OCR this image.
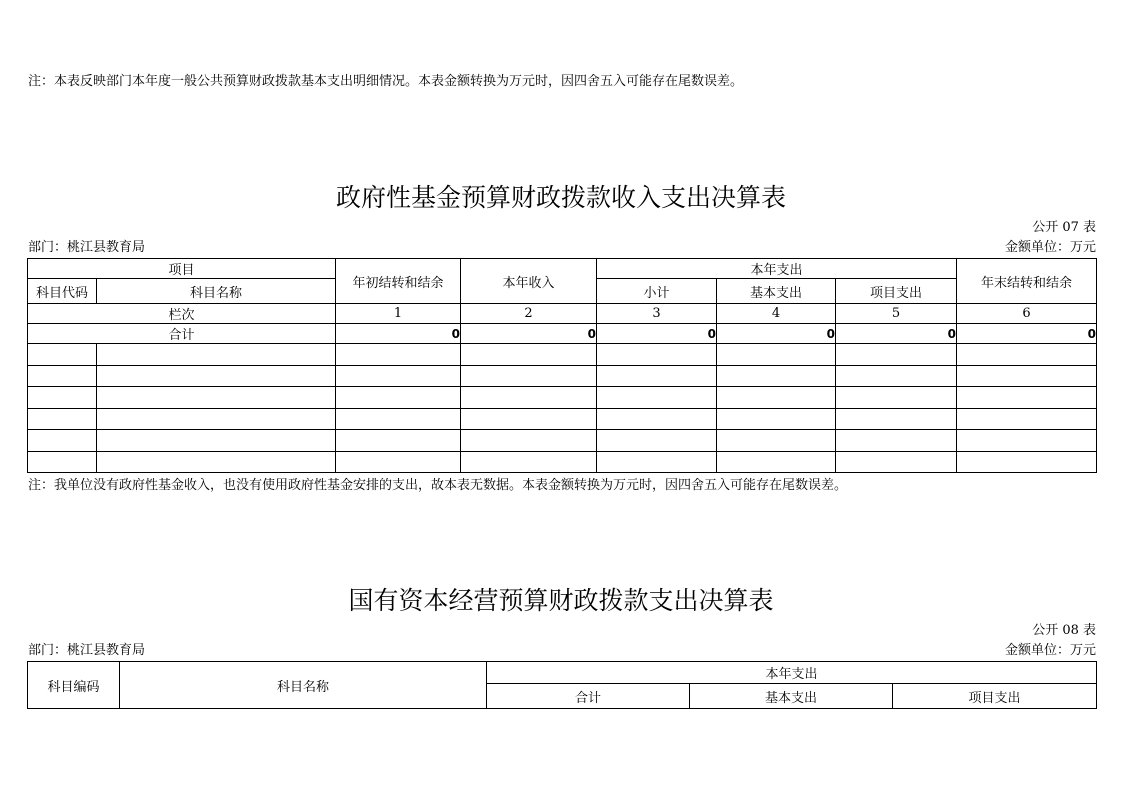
注：本表反映部门本年度一般公共预算财政拨款基本支出明细情况。本表金额转换为万元时，因四舍五入可能存在尾数误差。
政府性基金预算财政拨款收入支出决算表
公开 07 表
部门：桃江县教育局	金额单位：万元
项目		年初结转和结余	本年收入	本年支出			年末结转和结余
科目代码	科目名称			小计	基本支出	项目支出	
栏次		1	2	3	4	5	6
合计		0	0	0	0	0	0

注：我单位没有政府性基金收入，也没有使用政府性基金安排的支出，故本表无数据。本表金额转换为万元时，因四舍五入可能存在尾数误差。
国有资本经营预算财政拨款支出决算表
公开 08 表
部门：桃江县教育局	金额单位：万元
科目编码	科目名称	本年支出		
		合计	基本支出	项目支出
